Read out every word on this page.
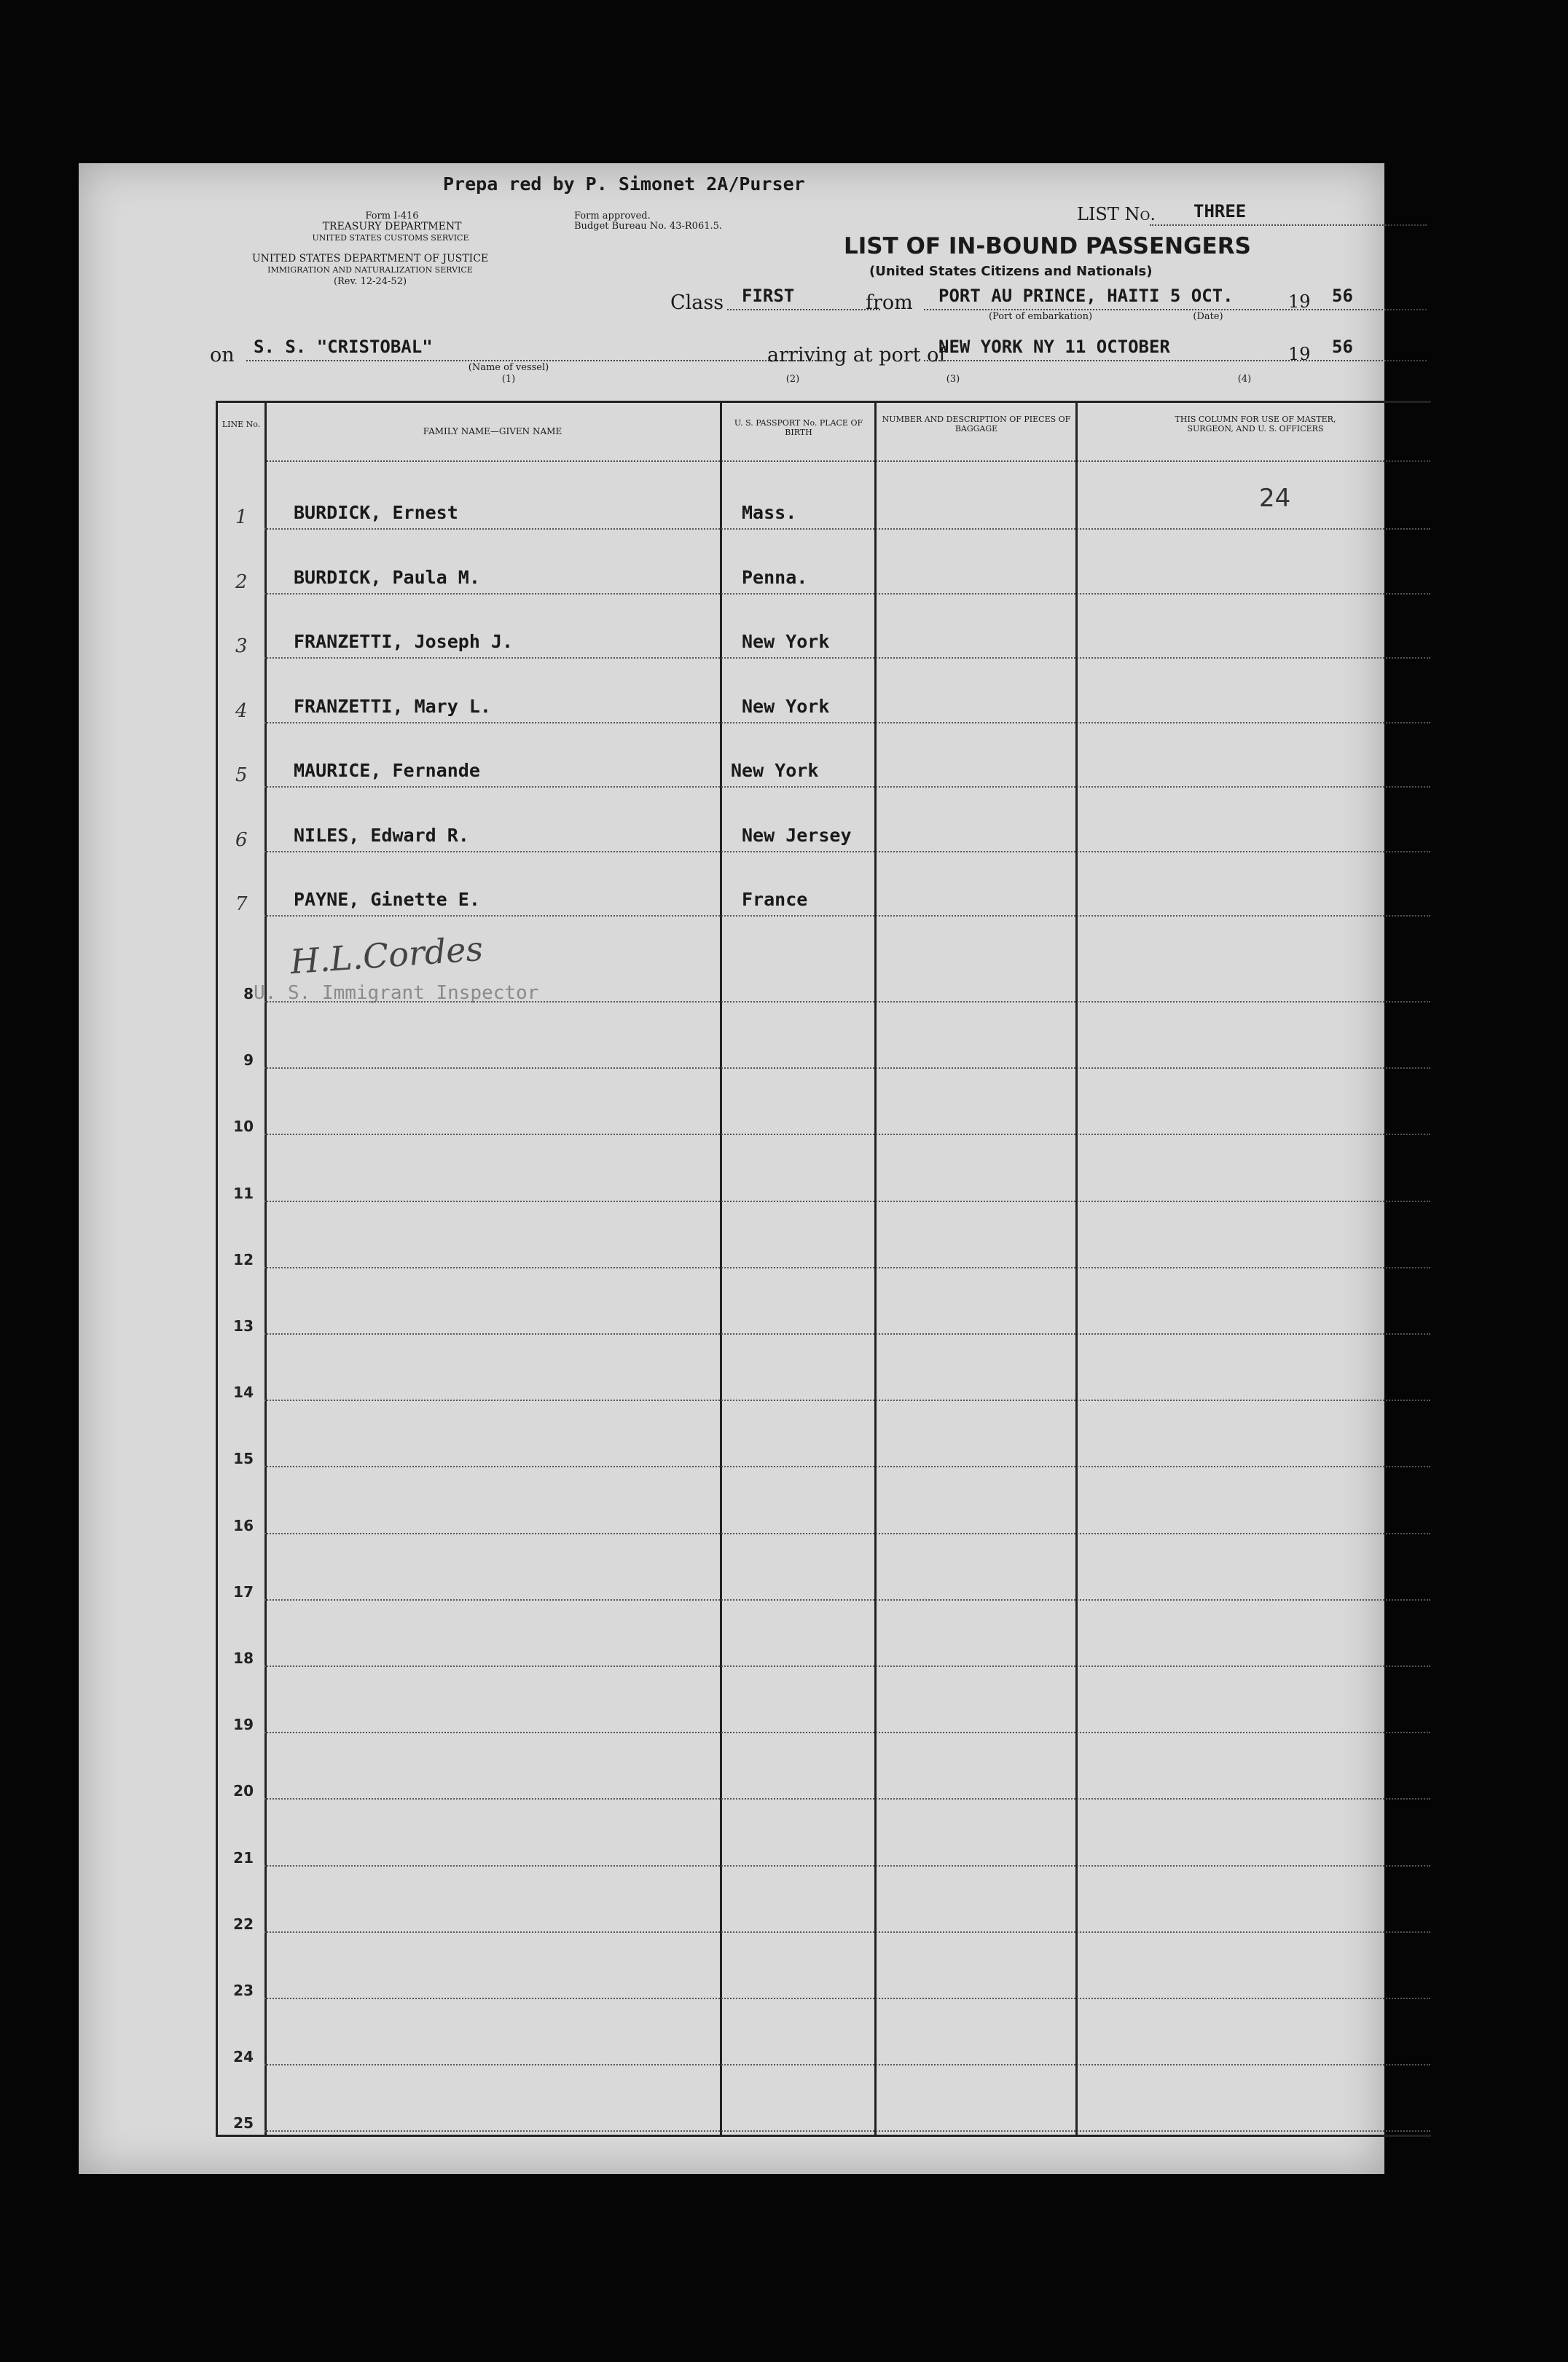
Prepa red by P. Simonet 2A/Purser
Form I-416
TREASURY DEPARTMENT
UNITED STATES CUSTOMS SERVICE
UNITED STATES DEPARTMENT OF JUSTICE
IMMIGRATION AND NATURALIZATION SERVICE
(Rev. 12-24-52)
Form approved.
Budget Bureau No. 43-R061.5.
LIST No. THREE
LIST OF IN-BOUND PASSENGERS
(United States Citizens and Nationals)
Class FIRST	from PORT AU PRINCE, HAITI 5 OCT.	19 56
(Port of embarkation)	(Date)
on S. S. "CRISTOBAL"
(Name of vessel)
(1)
arriving at port of
NEW YORK NY 11 OCTOBER	19 56
(2)	(3)	(4)
LINE No.
FAMILY NAME—GIVEN NAME
U. S. PASSPORT No. PLACE OF BIRTH
NUMBER AND DESCRIPTION OF PIECES OF BAGGAGE
THIS COLUMN FOR USE OF MASTER, SURGEON, AND U. S. OFFICERS
24
1	BURDICK, Ernest	Mass.
2	BURDICK, Paula M.	Penna.
3	FRANZETTI, Joseph J.	New York
4	FRANZETTI, Mary L.	New York
5	MAURICE, Fernande	New York
6	NILES, Edward R.	New Jersey
7	PAYNE, Ginette E.	France
H.L.Cordes
U. S. Immigrant Inspector
8
9
10
11
12
13
14
15
16
17
18
19
20
21
22
23
24
25
